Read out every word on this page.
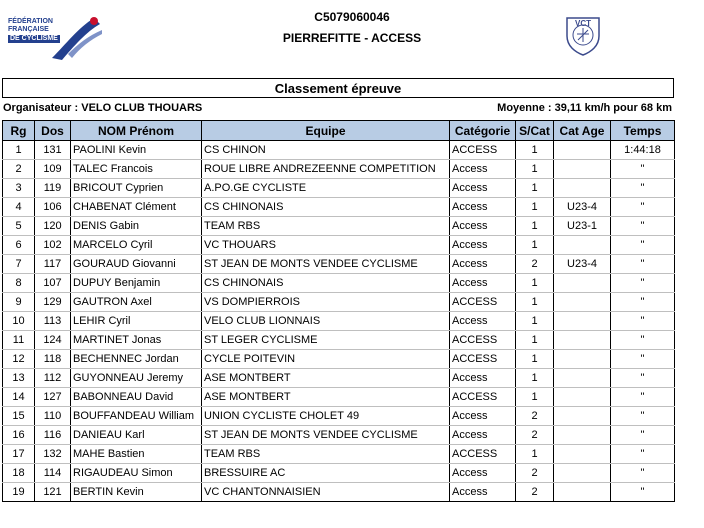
FÉDÉRATION
FRANÇAISE
DE CYCLISME
C5079060046
PIERREFITTE - ACCESS
VCT
Classement épreuve
Organisateur : VELO CLUB THOUARS	Moyenne : 39,11 km/h pour 68 km
Rg	Dos	NOM Prénom	Equipe	Catégorie	S/Cat	Cat Age	Temps
1	131	PAOLINI Kevin	CS CHINON	ACCESS	1		1:44:18
2	109	TALEC Francois	ROUE LIBRE ANDREZEENNE COMPETITION	Access	1		"
3	119	BRICOUT Cyprien	A.PO.GE CYCLISTE	Access	1		"
4	106	CHABENAT Clément	CS CHINONAIS	Access	1	U23-4	"
5	120	DENIS Gabin	TEAM RBS	Access	1	U23-1	"
6	102	MARCELO Cyril	VC THOUARS	Access	1		"
7	117	GOURAUD Giovanni	ST JEAN DE MONTS VENDEE CYCLISME	Access	2	U23-4	"
8	107	DUPUY Benjamin	CS CHINONAIS	Access	1		"
9	129	GAUTRON Axel	VS DOMPIERROIS	ACCESS	1		"
10	113	LEHIR Cyril	VELO CLUB LIONNAIS	Access	1		"
11	124	MARTINET Jonas	ST LEGER CYCLISME	ACCESS	1		"
12	118	BECHENNEC Jordan	CYCLE POITEVIN	ACCESS	1		"
13	112	GUYONNEAU Jeremy	ASE MONTBERT	Access	1		"
14	127	BABONNEAU David	ASE MONTBERT	ACCESS	1		"
15	110	BOUFFANDEAU William	UNION CYCLISTE CHOLET 49	Access	2		"
16	116	DANIEAU Karl	ST JEAN DE MONTS VENDEE CYCLISME	Access	2		"
17	132	MAHE Bastien	TEAM RBS	ACCESS	1		"
18	114	RIGAUDEAU Simon	BRESSUIRE AC	Access	2		"
19	121	BERTIN Kevin	VC CHANTONNAISIEN	Access	2		"
